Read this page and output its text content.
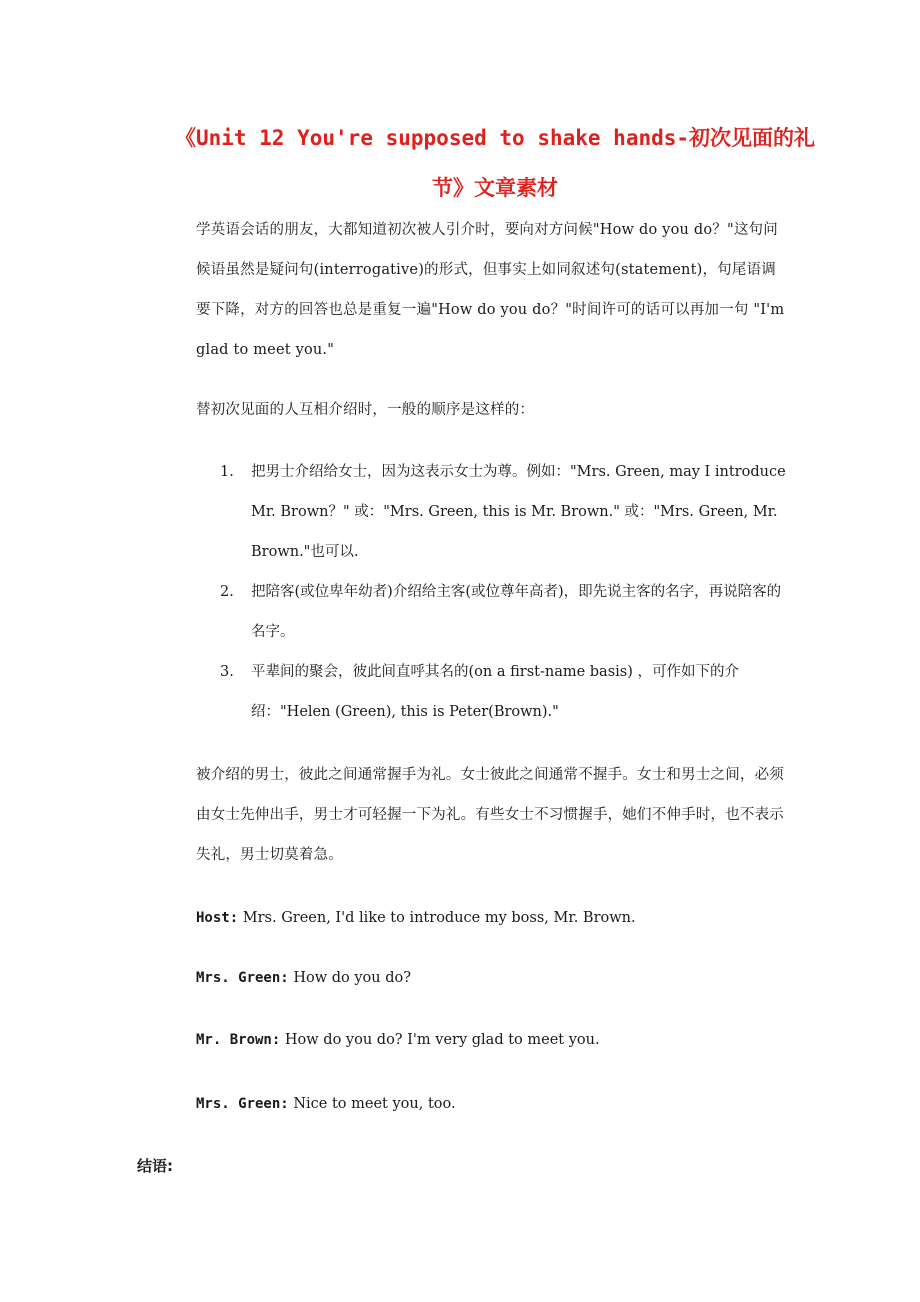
《Unit 12 You're supposed to shake hands-初次见面的礼
节》文章素材

学英语会话的朋友，大都知道初次被人引介时，要向对方问候"How do you do？"这句问候语虽然是疑问句(interrogative)的形式，但事实上如同叙述句(statement)，句尾语调要下降，对方的回答也总是重复一遍"How do you do？"时间许可的话可以再加一句 "I'm glad to meet you."

替初次见面的人互相介绍时，一般的顺序是这样的：

1. 把男士介绍给女士，因为这表示女士为尊。例如："Mrs. Green, may I introduce Mr. Brown？" 或："Mrs. Green, this is Mr. Brown." 或："Mrs. Green, Mr. Brown."也可以.
2. 把陪客(或位卑年幼者)介绍给主客(或位尊年高者)，即先说主客的名字，再说陪客的名字。
3. 平辈间的聚会，彼此间直呼其名的(on a first-name basis) ，可作如下的介绍："Helen (Green), this is Peter(Brown)."

被介绍的男士，彼此之间通常握手为礼。女士彼此之间通常不握手。女士和男士之间，必须由女士先伸出手，男士才可轻握一下为礼。有些女士不习惯握手，她们不伸手时，也不表示失礼，男士切莫着急。

Host: Mrs. Green, I'd like to introduce my boss, Mr. Brown.
Mrs. Green: How do you do?
Mr. Brown: How do you do? I'm very glad to meet you.
Mrs. Green: Nice to meet you, too.
结语:
